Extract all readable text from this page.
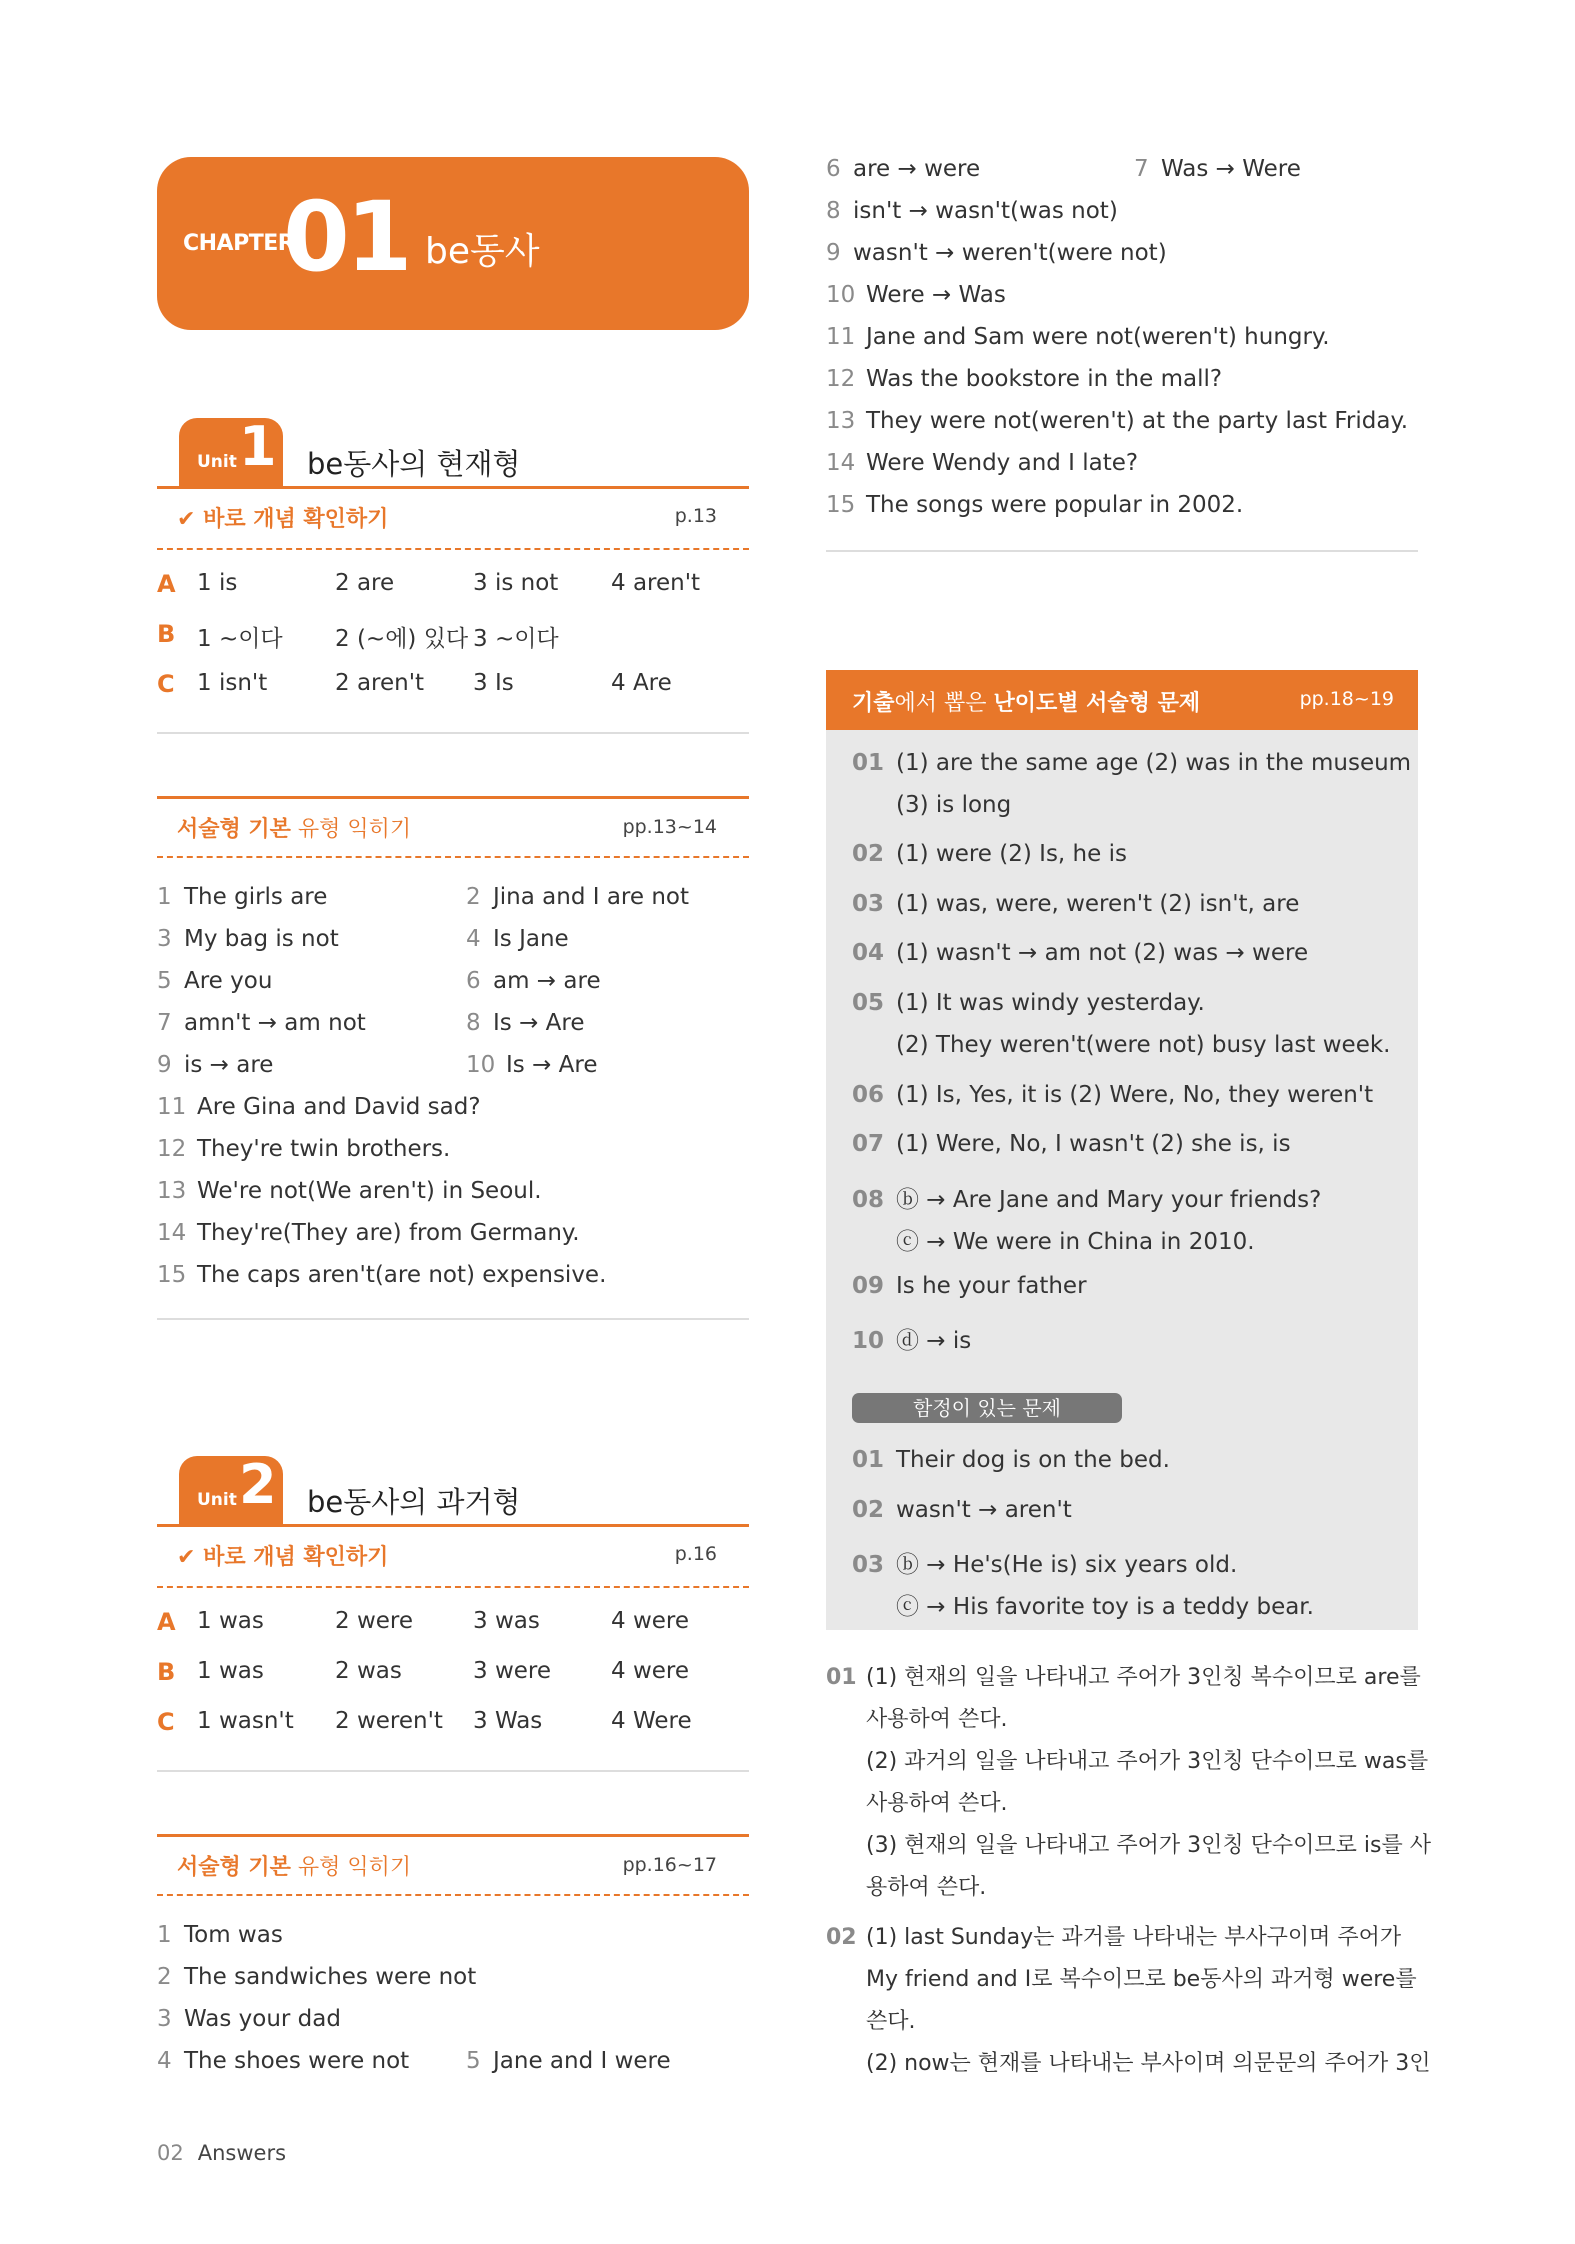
CHAPTER
01 be동사
Unit 1 be동사의 현재형
✔ 바로 개념 확인하기	p.13
A 1 is	2 are	3 is not 4 aren't
B 1 ~이다 2 (~에) 있다 3 ~이다
C 1 isn't	2 aren't 3 Is	4 Are
서술형 기본 유형 익히기	pp.13~14
1 The girls are	2 Jina and I are not
3 My bag is not	4 Is Jane
5 Are you	6 am → are
7 amn't → am not	8 Is → Are
9 is → are	10 Is → Are
11 Are Gina and David sad?
12 They're twin brothers.
13 We're not(We aren't) in Seoul.
14 They're(They are) from Germany.
15 The caps aren't(are not) expensive.
Unit 2 be동사의 과거형
✔ 바로 개념 확인하기	p.16
A 1 was	2 were	3 was	4 were
B 1 was	2 was	3 were	4 were
C 1 wasn't 2 weren't 3 Was	4 Were
서술형 기본 유형 익히기	pp.16~17
1 Tom was
2 The sandwiches were not
3 Was your dad
4 The shoes were not 5 Jane and I were
6 are → were	7 Was → Were
8 isn't → wasn't(was not)
9 wasn't → weren't(were not)
10 Were → Was
11 Jane and Sam were not(weren't) hungry.
12 Was the bookstore in the mall?
13 They were not(weren't) at the party last Friday.
14 Were Wendy and I late?
15 The songs were popular in 2002.
기출에서 뽑은 난이도별 서술형 문제	pp.18~19
01 (1) are the same age (2) was in the museum
(3) is long
02 (1) were (2) Is, he is
03 (1) was, were, weren't (2) isn't, are
04 (1) wasn't → am not (2) was → were
05 (1) It was windy yesterday.
(2) They weren't(were not) busy last week.
06 (1) Is, Yes, it is (2) Were, No, they weren't
07 (1) Were, No, I wasn't (2) she is, is
08 ⓑ → Are Jane and Mary your friends?
ⓒ → We were in China in 2010.
09 Is he your father
10 ⓓ → is
함정이 있는 문제
01 Their dog is on the bed.
02 wasn't → aren't
03 ⓑ → He's(He is) six years old.
ⓒ → His favorite toy is a teddy bear.
01 (1) 현재의 일을 나타내고 주어가 3인칭 복수이므로 are를
사용하여 쓴다.
(2) 과거의 일을 나타내고 주어가 3인칭 단수이므로 was를
사용하여 쓴다.
(3) 현재의 일을 나타내고 주어가 3인칭 단수이므로 is를 사
용하여 쓴다.
02 (1) last Sunday는 과거를 나타내는 부사구이며 주어가
My friend and I로 복수이므로 be동사의 과거형 were를
쓴다.
(2) now는 현재를 나타내는 부사이며 의문문의 주어가 3인
02 Answers
